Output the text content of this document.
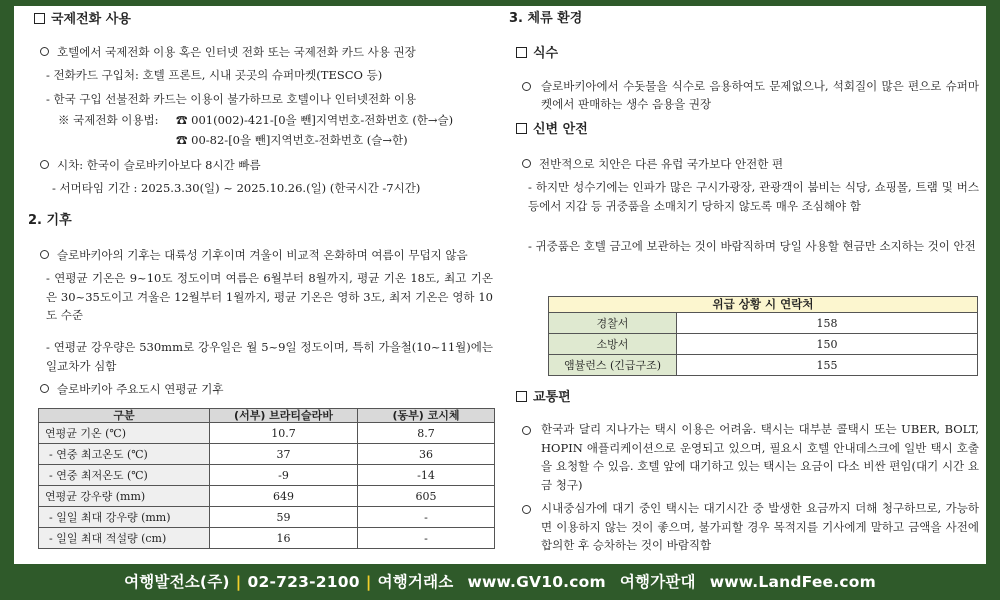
국제전화 사용
호텔에서 국제전화 이용 혹은 인터넷 전화 또는 국제전화 카드 사용 권장
- 전화카드 구입처: 호텔 프론트, 시내 곳곳의 슈퍼마켓(TESCO 등)
- 한국 구입 선불전화 카드는 이용이 불가하므로 호텔이나 인터넷전화 이용
※ 국제전화 이용법: ☎ 001(002)-421-[0을 뺀]지역번호-전화번호 (한→슬)
☎ 00-82-[0을 뺀]지역번호-전화번호 (슬→한)
시차: 한국이 슬로바키아보다 8시간 빠름
- 서머타임 기간 : 2025.3.30(일) ~ 2025.10.26.(일) (한국시간 -7시간)
2. 기후
슬로바키아의 기후는 대륙성 기후이며 겨울이 비교적 온화하며 여름이 무덥지 않음
- 연평균 기온은 9~10도 정도이며 여름은 6월부터 8월까지, 평균 기온 18도, 최고 기온은 30~35도이고 겨울은 12월부터 1월까지, 평균 기온은 영하 3도, 최저 기온은 영하 10도 수준
- 연평균 강우량은 530mm로 강우일은 월 5~9일 정도이며, 특히 가을철(10~11월)에는 일교차가 심함
슬로바키아 주요도시 연평균 기후
구분	(서부) 브라티슬라바	(동부) 코시체
연평균 기온 (℃)	10.7	8.7
- 연중 최고온도 (℃)	37	36
- 연중 최저온도 (℃)	-9	-14
연평균 강우량 (mm)	649	605
- 일일 최대 강우량 (mm)	59	-
- 일일 최대 적설량 (cm)	16	-
3. 체류 환경
식수
슬로바키아에서 수돗물을 식수로 음용하여도 문제없으나, 석회질이 많은 편으로 슈퍼마켓에서 판매하는 생수 음용을 권장
신변 안전
전반적으로 치안은 다른 유럽 국가보다 안전한 편
- 하지만 성수기에는 인파가 많은 구시가광장, 관광객이 붐비는 식당, 쇼핑몰, 트램 및 버스 등에서 지갑 등 귀중품을 소매치기 당하지 않도록 매우 조심해야 함
- 귀중품은 호텔 금고에 보관하는 것이 바람직하며 당일 사용할 현금만 소지하는 것이 안전
위급 상황 시 연락처	
경찰서	158
소방서	150
앰뷸런스 (긴급구조)	155
교통편
한국과 달리 지나가는 택시 이용은 어려움. 택시는 대부분 콜택시 또는 UBER, BOLT, HOPIN 애플리케이션으로 운영되고 있으며, 필요시 호텔 안내데스크에 일반 택시 호출을 요청할 수 있음. 호텔 앞에 대기하고 있는 택시는 요금이 다소 비싼 편임(대기 시간 요금 청구)
시내중심가에 대기 중인 택시는 대기시간 중 발생한 요금까지 더해 청구하므로, 가능하면 이용하지 않는 것이 좋으며, 불가피할 경우 목적지를 기사에게 말하고 금액을 사전에 합의한 후 승차하는 것이 바람직함
여행발전소(주) | 02-723-2100 | 여행거래소 www.GV10.com 여행가판대 www.LandFee.com
